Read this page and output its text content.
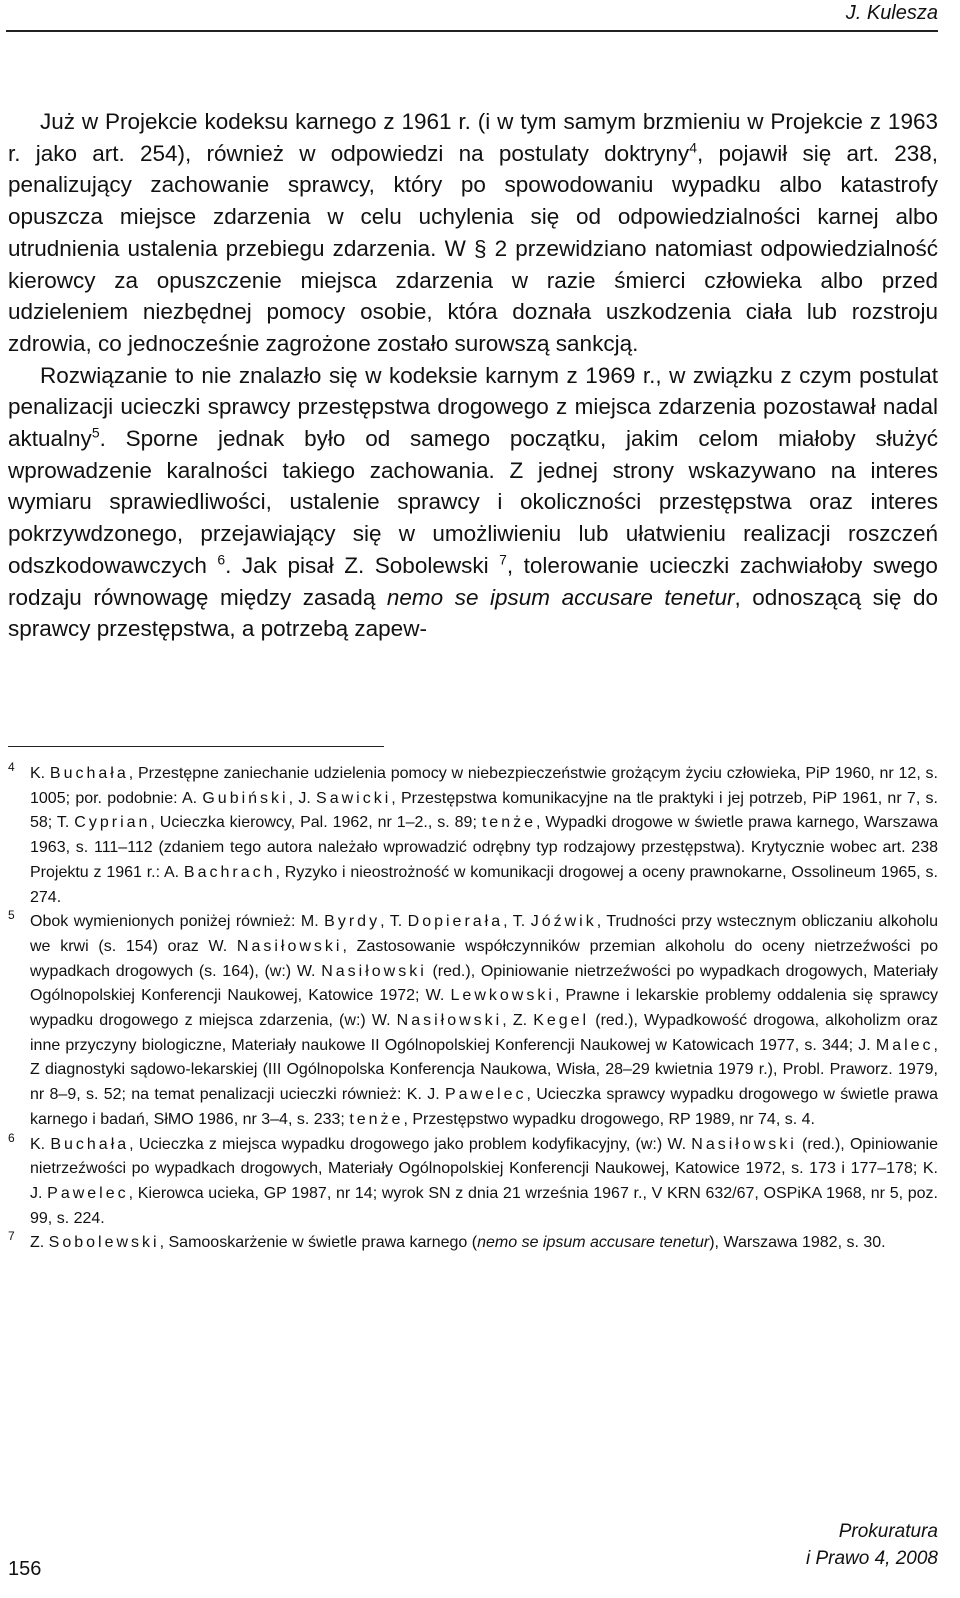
J. Kulesza

Już w Projekcie kodeksu karnego z 1961 r. (i w tym samym brzmieniu w Projekcie z 1963 r. jako art. 254), również w odpowiedzi na postulaty doktryny$^4$, pojawił się art. 238, penalizujący zachowanie sprawcy, który po spowodowaniu wypadku albo katastrofy opuszcza miejsce zdarzenia w celu uchylenia się od odpowiedzialności karnej albo utrudnienia ustalenia przebiegu zdarzenia. W § 2 przewidziano natomiast odpowiedzialność kierowcy za opuszczenie miejsca zdarzenia w razie śmierci człowieka albo przed udzieleniem niezbędnej pomocy osobie, która doznała uszkodzenia ciała lub rozstroju zdrowia, co jednocześnie zagrożone zostało surowszą sankcją.
Rozwiązanie to nie znalazło się w kodeksie karnym z 1969 r., w związku z czym postulat penalizacji ucieczki sprawcy przestępstwa drogowego z miejsca zdarzenia pozostawał nadal aktualny$^5$. Sporne jednak było od samego początku, jakim celom miałoby służyć wprowadzenie karalności takiego zachowania. Z jednej strony wskazywano na interes wymiaru sprawiedliwości, ustalenie sprawcy i okoliczności przestępstwa oraz interes pokrzywdzonego, przejawiający się w umożliwieniu lub ułatwieniu realizacji roszczeń odszkodowawczych $^6$. Jak pisał Z. Sobolewski $^7$, tolerowanie ucieczki zachwiałoby swego rodzaju równowagę między zasadą nemo se ipsum accusare tenetur, odnoszącą się do sprawcy przestępstwa, a potrzebą zapew-

4 K. Buchała, Przestępne zaniechanie udzielenia pomocy w niebezpieczeństwie grożącym życiu człowieka, PiP 1960, nr 12, s. 1005; por. podobnie: A. Gubiński, J. Sawicki, Przestępstwa komunikacyjne na tle praktyki i jej potrzeb, PiP 1961, nr 7, s. 58; T. Cyprian, Ucieczka kierowcy, Pal. 1962, nr 1–2., s. 89; tenże, Wypadki drogowe w świetle prawa karnego, Warszawa 1963, s. 111–112 (zdaniem tego autora należało wprowadzić odrębny typ rodzajowy przestępstwa). Krytycznie wobec art. 238 Projektu z 1961 r.: A. Bachrach, Ryzyko i nieostrożność w komunikacji drogowej a oceny prawnokarne, Ossolineum 1965, s. 274.
5 Obok wymienionych poniżej również: M. Byrdy, T. Dopierała, T. Jóźwik, Trudności przy wstecznym obliczaniu alkoholu we krwi (s. 154) oraz W. Nasiłowski, Zastosowanie współczynników przemian alkoholu do oceny nietrzeźwości po wypadkach drogowych (s. 164), (w:) W. Nasiłowski (red.), Opiniowanie nietrzeźwości po wypadkach drogowych, Materiały Ogólnopolskiej Konferencji Naukowej, Katowice 1972; W. Lewkowski, Prawne i lekarskie problemy oddalenia się sprawcy wypadku drogowego z miejsca zdarzenia, (w:) W. Nasiłowski, Z. Kegel (red.), Wypadkowość drogowa, alkoholizm oraz inne przyczyny biologiczne, Materiały naukowe II Ogólnopolskiej Konferencji Naukowej w Katowicach 1977, s. 344; J. Malec, Z diagnostyki sądowo-lekarskiej (III Ogólnopolska Konferencja Naukowa, Wisła, 28–29 kwietnia 1979 r.), Probl. Praworz. 1979, nr 8–9, s. 52; na temat penalizacji ucieczki również: K. J. Pawelec, Ucieczka sprawcy wypadku drogowego w świetle prawa karnego i badań, SłMO 1986, nr 3–4, s. 233; tenże, Przestępstwo wypadku drogowego, RP 1989, nr 74, s. 4.
6 K. Buchała, Ucieczka z miejsca wypadku drogowego jako problem kodyfikacyjny, (w:) W. Nasiłowski (red.), Opiniowanie nietrzeźwości po wypadkach drogowych, Materiały Ogólnopolskiej Konferencji Naukowej, Katowice 1972, s. 173 i 177–178; K. J. Pawelec, Kierowca ucieka, GP 1987, nr 14; wyrok SN z dnia 21 września 1967 r., V KRN 632/67, OSPiKA 1968, nr 5, poz. 99, s. 224.
7 Z. Sobolewski, Samooskarżenie w świetle prawa karnego (nemo se ipsum accusare tenetur), Warszawa 1982, s. 30.
156
Prokuratura
i Prawo 4, 2008
